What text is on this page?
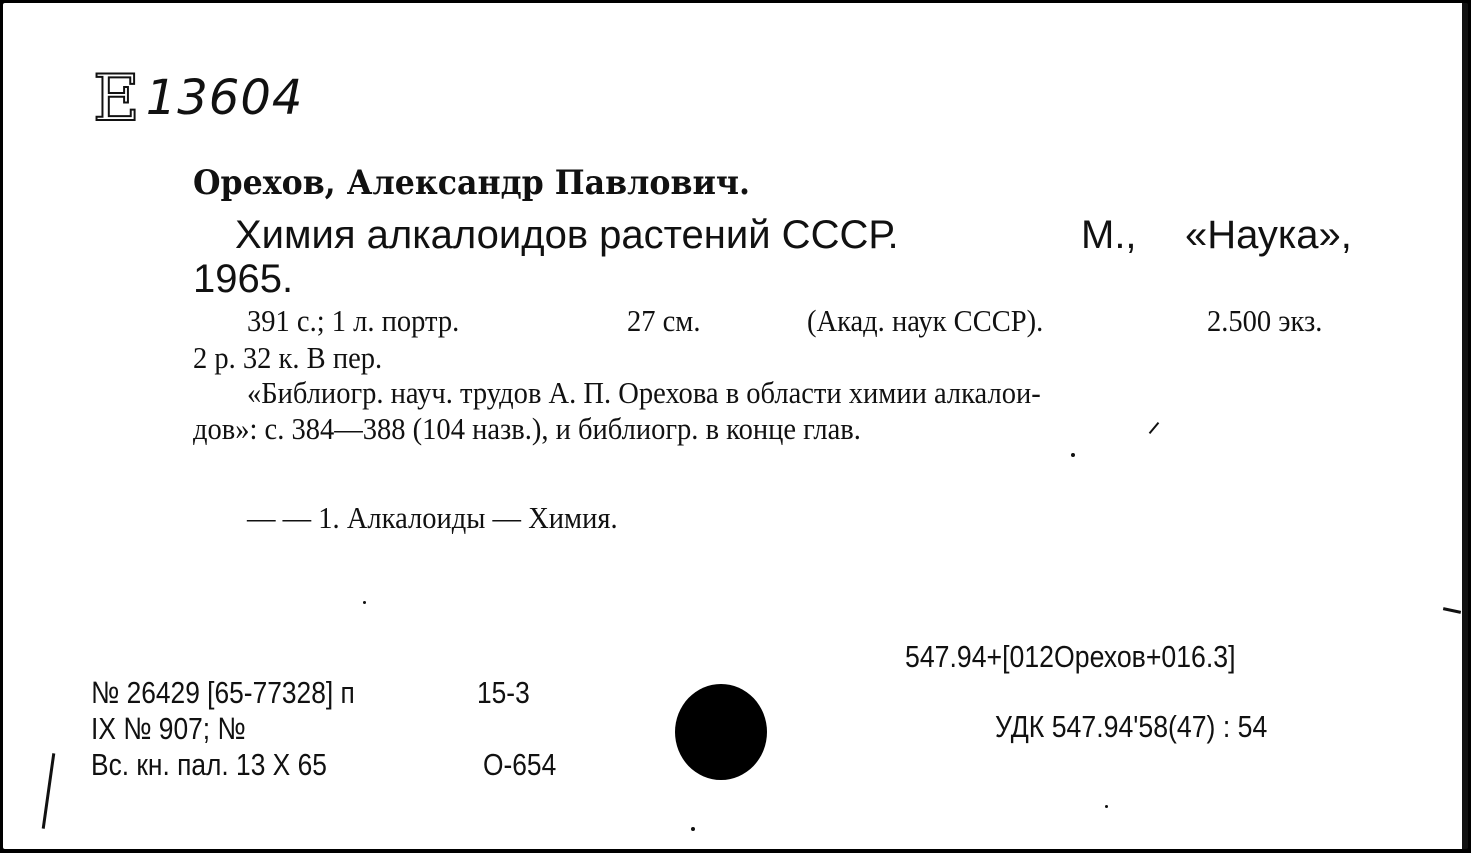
E 13604
Орехов, Александр Павлович.
Химия алкалоидов растений СССР.	М., «Наука»,
1965.
391 с.; 1 л. портр.	27 см.	(Акад. наук СССР).	2.500 экз.
2 р. 32 к. В пер.
«Библиогр. науч. трудов А. П. Орехова в области химии алкалои-
дов»: с. 384—388 (104 назв.), и библиогр. в конце глав.
— — 1. Алкалоиды — Химия.
547.94+[012Орехов+016.3]
УДК 547.94'58(47) : 54
№ 26429 [65-77328] п	15-3
IX № 907; №
Вс. кн. пал. 13 X 65	О-654
